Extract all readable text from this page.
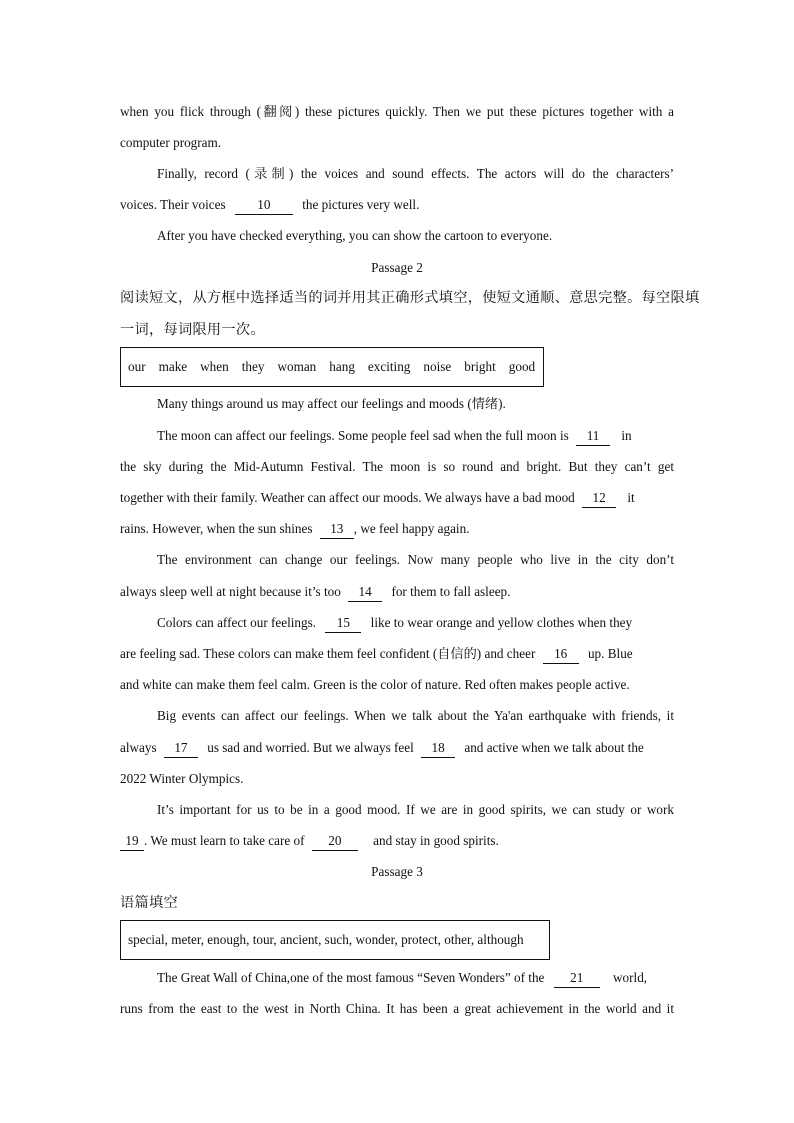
when you flick through (翻阅) these pictures quickly. Then we put these pictures together with a
computer program.
Finally, record (录制) the voices and sound effects. The actors will do the characters’
voices. Their voices 10 the pictures very well.
After you have checked everything, you can show the cartoon to everyone.
Passage 2
阅读短文，从方框中选择适当的词并用其正确形式填空，使短文通顺、意思完整。每空限填
一词，每词限用一次。
our make when they woman hang exciting noise bright good
Many things around us may affect our feelings and moods (情绪).
The moon can affect our feelings. Some people feel sad when the full moon is 11 in
the sky during the Mid-Autumn Festival. The moon is so round and bright. But they can’t get
together with their family. Weather can affect our moods. We always have a bad mood 12 it
rains. However, when the sun shines 13 , we feel happy again.
The environment can change our feelings. Now many people who live in the city don’t
always sleep well at night because it’s too 14 for them to fall asleep.
Colors can affect our feelings. 15 like to wear orange and yellow clothes when they
are feeling sad. These colors can make them feel confident (自信的) and cheer 16 up. Blue
and white can make them feel calm. Green is the color of nature. Red often makes people active.
Big events can affect our feelings. When we talk about the Ya'an earthquake with friends, it
always 17 us sad and worried. But we always feel 18 and active when we talk about the
2022 Winter Olympics.
It’s important for us to be in a good mood. If we are in good spirits, we can study or work
19 . We must learn to take care of 20 and stay in good spirits.
Passage 3
语篇填空
special, meter, enough, tour, ancient, such, wonder, protect, other, although
The Great Wall of China,one of the most famous “Seven Wonders” of the 21 world,
runs from the east to the west in North China. It has been a great achievement in the world and it
